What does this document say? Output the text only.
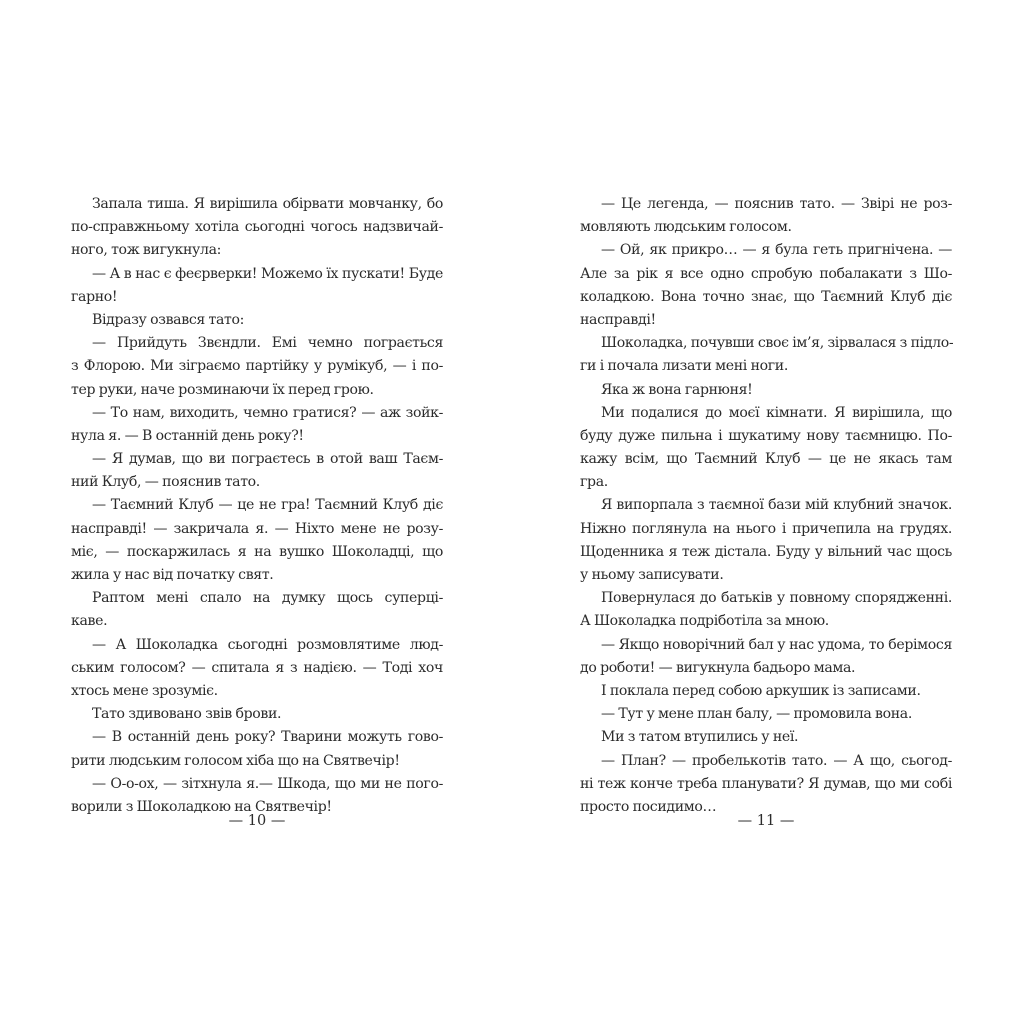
Запала тиша. Я вирішила обірвати мовчанку, бо
по-справжньому хотіла сьогодні чогось надзвичай-
ного, тож вигукнула:
— А в нас є феєрверки! Можемо їх пускати! Буде
гарно!
Відразу озвався тато:
— Прийдуть Звєндли. Емі чемно пограється
з Флорою. Ми зіграємо партійку у румікуб, — і по-
тер руки, наче розминаючи їх перед грою.
— То нам, виходить, чемно гратися? — аж зойк-
нула я. — В останній день року?!
— Я думав, що ви пограєтесь в отой ваш Таєм-
ний Клуб, — пояснив тато.
— Таємний Клуб — це не гра! Таємний Клуб діє
насправді! — закричала я. — Ніхто мене не розу-
міє, — поскаржилась я на вушко Шоколадці, що
жила у нас від початку свят.
Раптом мені спало на думку щось суперці-
каве.
— А Шоколадка сьогодні розмовлятиме люд-
ським голосом? — спитала я з надією. — Тоді хоч
хтось мене зрозуміє.
Тато здивовано звів брови.
— В останній день року? Тварини можуть гово-
рити людським голосом хіба що на Святвечір!
— О-о-ох, — зітхнула я.— Шкода, що ми не пого-
ворили з Шоколадкою на Святвечір!
— 10 —
— Це легенда, — пояснив тато. — Звірі не роз-
мовляють людським голосом.
— Ой, як прикро… — я була геть пригнічена. —
Але за рік я все одно спробую побалакати з Шо-
коладкою. Вона точно знає, що Таємний Клуб діє
насправді!
Шоколадка, почувши своє ім’я, зірвалася з підло-
ги і почала лизати мені ноги.
Яка ж вона гарнюня!
Ми подалися до моєї кімнати. Я вирішила, що
буду дуже пильна і шукатиму нову таємницю. По-
кажу всім, що Таємний Клуб — це не якась там
гра.
Я випорпала з таємної бази мій клубний значок.
Ніжно поглянула на нього і причепила на грудях.
Щоденника я теж дістала. Буду у вільний час щось
у ньому записувати.
Повернулася до батьків у повному спорядженні.
А Шоколадка подріботіла за мною.
— Якщо новорічний бал у нас удома, то берімося
до роботи! — вигукнула бадьоро мама.
І поклала перед собою аркушик із записами.
— Тут у мене план балу, — промовила вона.
Ми з татом втупились у неї.
— План? — пробелькотів тато. — А що, сьогод-
ні теж конче треба планувати? Я думав, що ми собі
просто посидимо…
— 11 —
